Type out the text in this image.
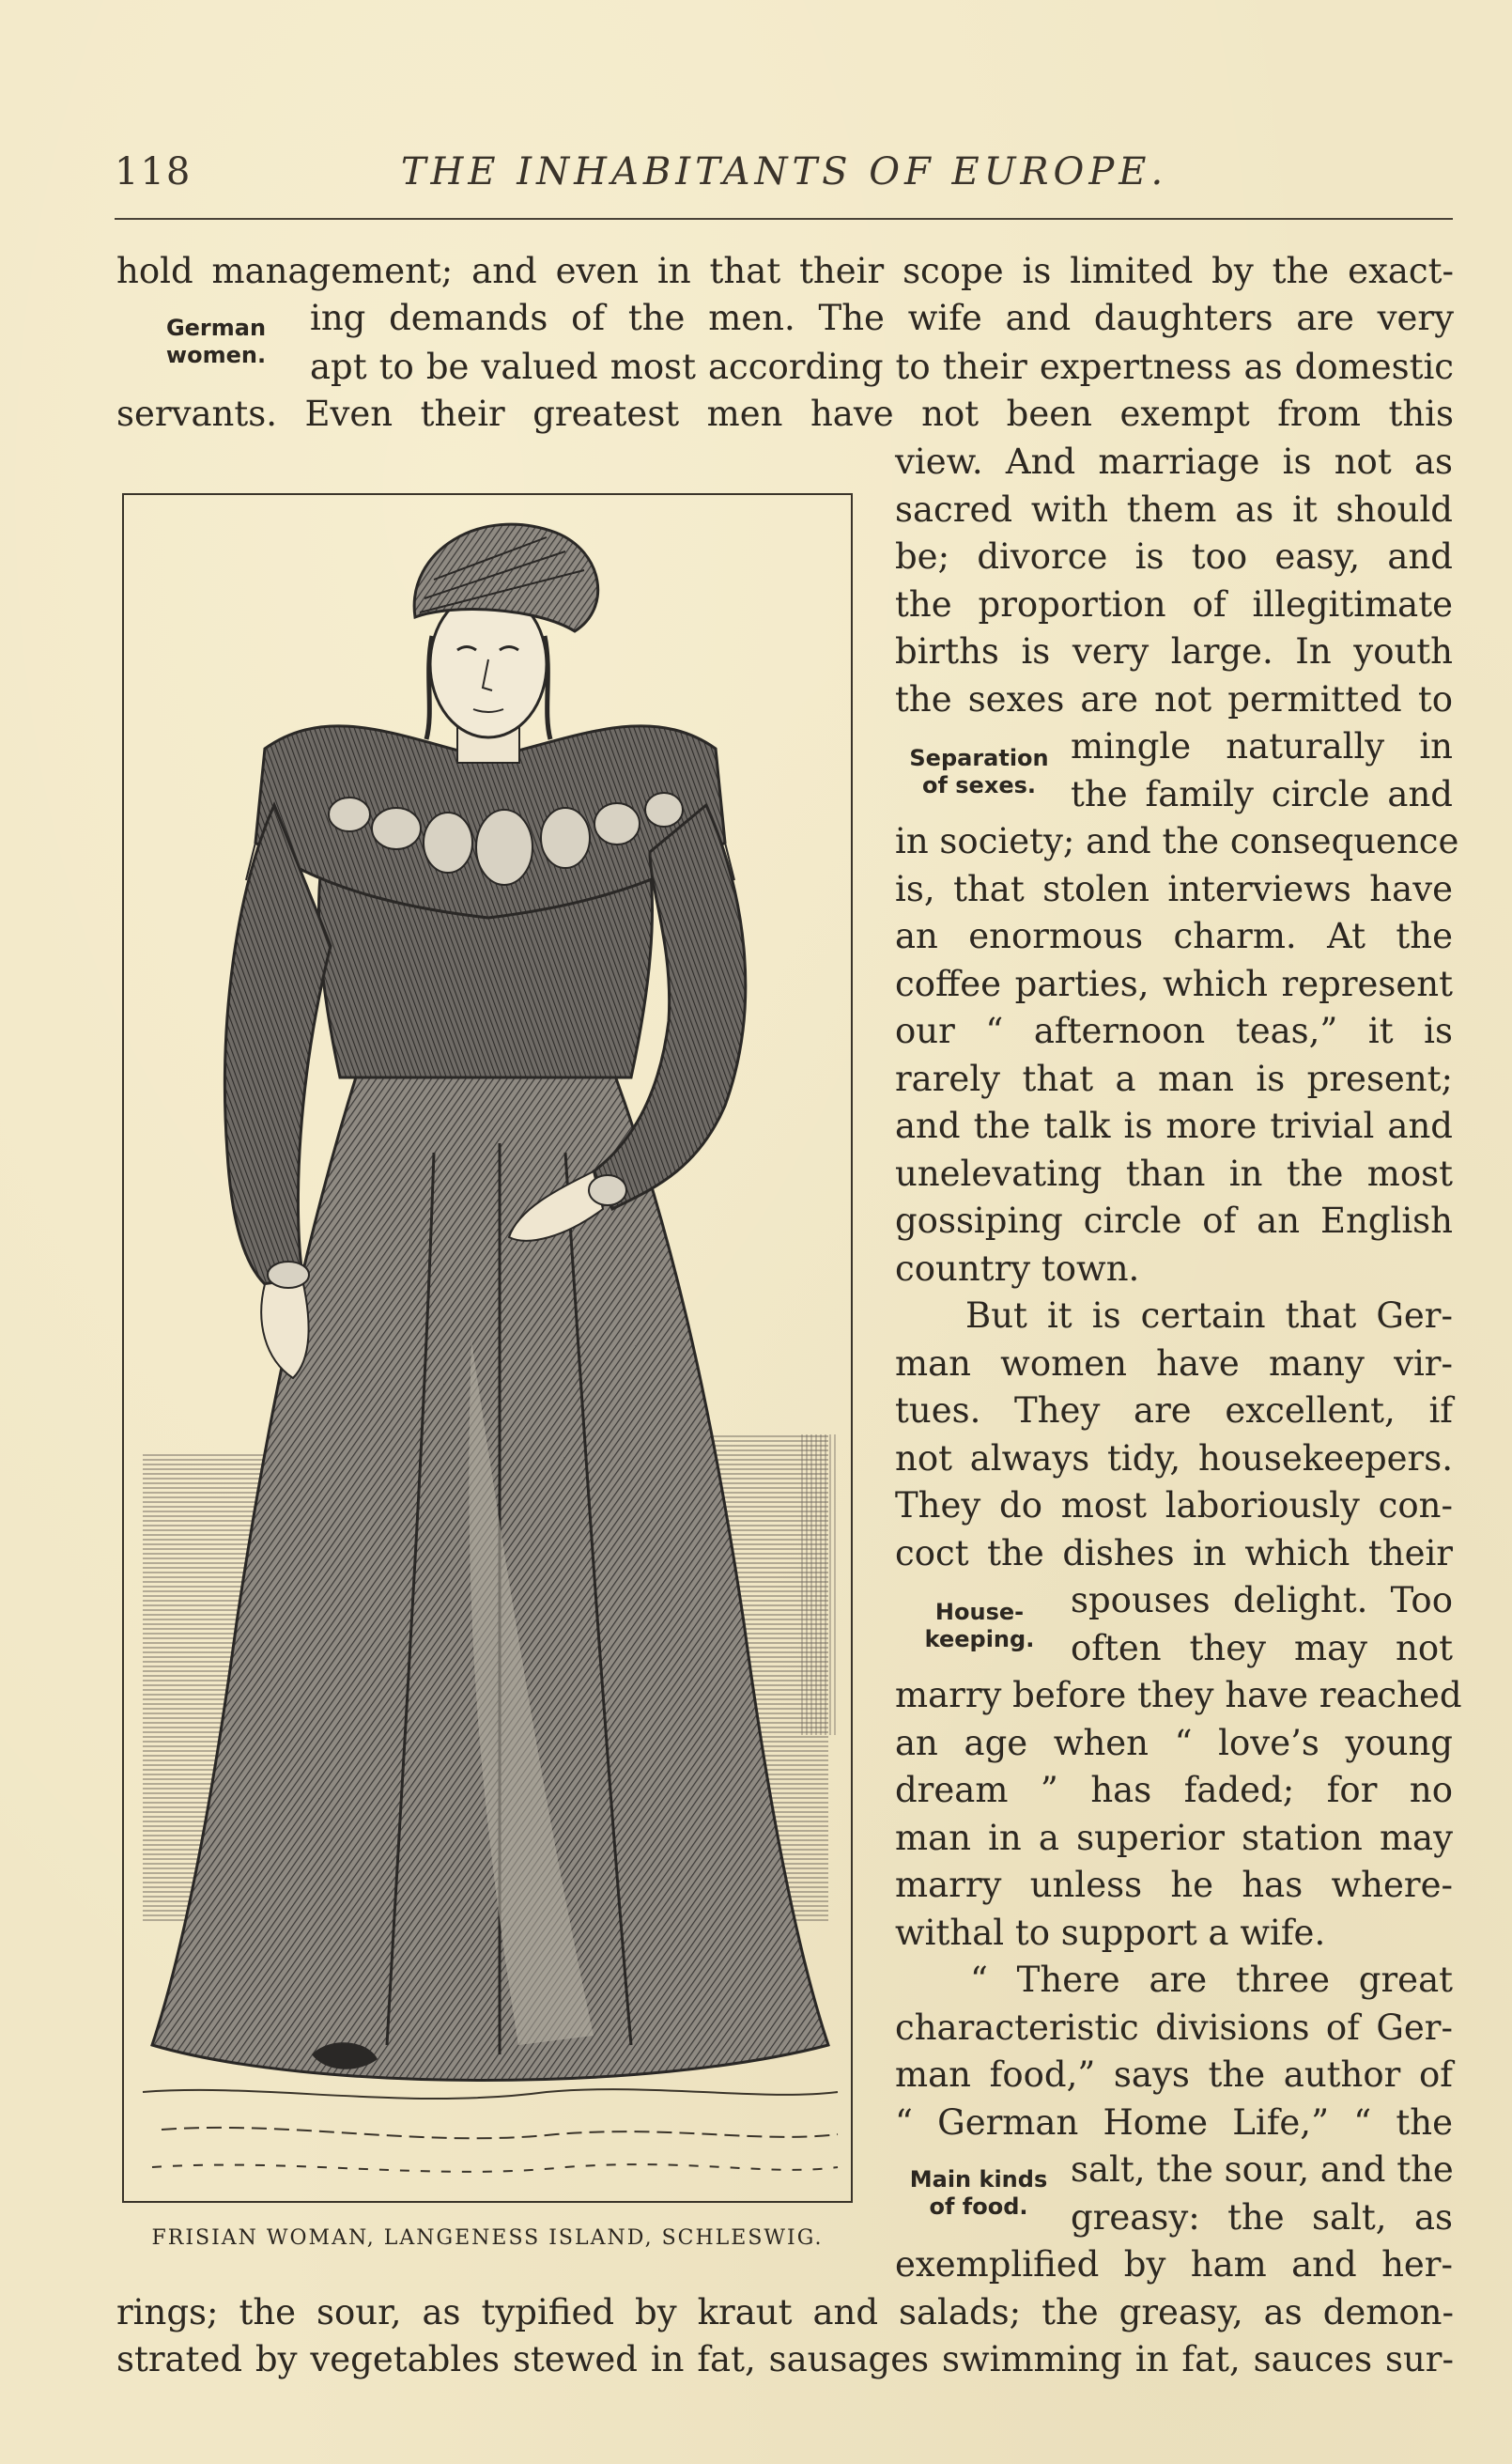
118	THE INHABITANTS OF EUROPE.
hold management; and even in that their scope is limited by the exact-
ing demands of the men. The wife and daughters are very
apt to be valued most according to their expertness as domestic
servants. Even their greatest men have not been exempt from this
German
women.
FRISIAN WOMAN, LANGENESS ISLAND, SCHLESWIG.
view. And marriage is not as
sacred with them as it should
be; divorce is too easy, and
the proportion of illegitimate
births is very large. In youth
the sexes are not permitted to
mingle naturally in
the family circle and
Separation
of sexes.
in society; and the consequence
is, that stolen interviews have
an enormous charm. At the
coffee parties, which represent
our “ afternoon teas,” it is
rarely that a man is present;
and the talk is more trivial and
unelevating than in the most
gossiping circle of an English
country town.
But it is certain that Ger-
man women have many vir-
tues. They are excellent, if
not always tidy, housekeepers.
They do most laboriously con-
coct the dishes in which their
spouses delight. Too
often they may not
House-
keeping.
marry before they have reached
an age when “ love’s young
dream ” has faded; for no
man in a superior station may
marry unless he has where-
withal to support a wife.
“ There are three great
characteristic divisions of Ger-
man food,” says the author of
“ German Home Life,” “ the
salt, the sour, and the
greasy: the salt, as
Main kinds
of food.
exemplified by ham and her-
rings; the sour, as typified by kraut and salads; the greasy, as demon-
strated by vegetables stewed in fat, sausages swimming in fat, sauces sur-
